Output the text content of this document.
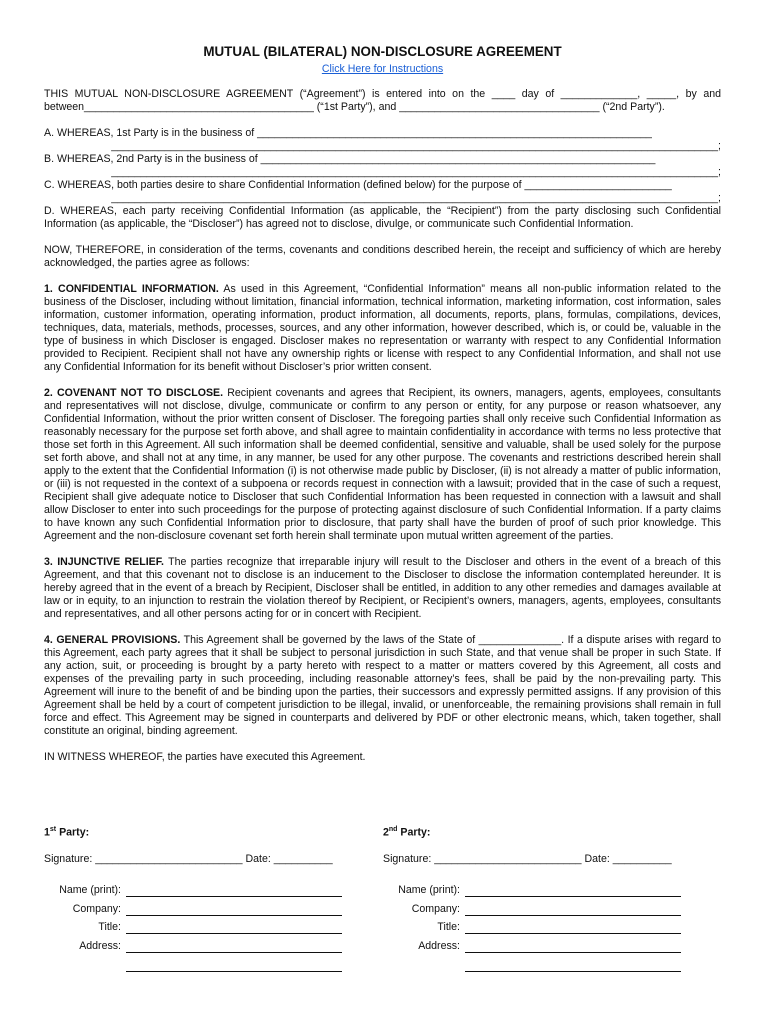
MUTUAL (BILATERAL) NON-DISCLOSURE AGREEMENT

Click Here for Instructions

THIS MUTUAL NON-DISCLOSURE AGREEMENT (“Agreement”) is entered into on the ____ day of _____________, _____, by and between_______________________________________ (“1st Party”), and __________________________________ (“2nd Party”).

A. WHEREAS, 1st Party is in the business of ___________________________________________________________________
_______________________________________________________________________________________________________;
B. WHEREAS, 2nd Party is in the business of ___________________________________________________________________
_______________________________________________________________________________________________________;
C. WHEREAS, both parties desire to share Confidential Information (defined below) for the purpose of _________________________
_______________________________________________________________________________________________________;

D. WHEREAS, each party receiving Confidential Information (as applicable, the “Recipient”) from the party disclosing such Confidential Information (as applicable, the “Discloser”) has agreed not to disclose, divulge, or communicate such Confidential Information.

NOW, THEREFORE, in consideration of the terms, covenants and conditions described herein, the receipt and sufficiency of which are hereby acknowledged, the parties agree as follows:

1. CONFIDENTIAL INFORMATION. As used in this Agreement, “Confidential Information” means all non-public information related to the business of the Discloser, including without limitation, financial information, technical information, marketing information, cost information, sales information, customer information, operating information, product information, all documents, reports, plans, formulas, compilations, devices, techniques, data, materials, methods, processes, sources, and any other information, however described, which is, or could be, valuable in the type of business in which Discloser is engaged. Discloser makes no representation or warranty with respect to any Confidential Information provided to Recipient. Recipient shall not have any ownership rights or license with respect to any Confidential Information, and shall not use any Confidential Information for its benefit without Discloser’s prior written consent.

2. COVENANT NOT TO DISCLOSE. Recipient covenants and agrees that Recipient, its owners, managers, agents, employees, consultants and representatives will not disclose, divulge, communicate or confirm to any person or entity, for any purpose or reason whatsoever, any Confidential Information, without the prior written consent of Discloser. The foregoing parties shall only receive such Confidential Information as reasonably necessary for the purpose set forth above, and shall agree to maintain confidentiality in accordance with terms no less protective that those set forth in this Agreement. All such information shall be deemed confidential, sensitive and valuable, shall be used solely for the purpose set forth above, and shall not at any time, in any manner, be used for any other purpose. The covenants and restrictions described herein shall apply to the extent that the Confidential Information (i) is not otherwise made public by Discloser, (ii) is not already a matter of public information, or (iii) is not requested in the context of a subpoena or records request in connection with a lawsuit; provided that in the case of such a request, Recipient shall give adequate notice to Discloser that such Confidential Information has been requested in connection with a lawsuit and shall allow Discloser to enter into such proceedings for the purpose of protecting against disclosure of such Confidential Information. If a party claims to have known any such Confidential Information prior to disclosure, that party shall have the burden of proof of such prior knowledge. This Agreement and the non-disclosure covenant set forth herein shall terminate upon mutual written agreement of the parties.

3. INJUNCTIVE RELIEF. The parties recognize that irreparable injury will result to the Discloser and others in the event of a breach of this Agreement, and that this covenant not to disclose is an inducement to the Discloser to disclose the information contemplated hereunder. It is hereby agreed that in the event of a breach by Recipient, Discloser shall be entitled, in addition to any other remedies and damages available at law or in equity, to an injunction to restrain the violation thereof by Recipient, or Recipient’s owners, managers, agents, employees, consultants and representatives, and all other persons acting for or in concert with Recipient.

4. GENERAL PROVISIONS. This Agreement shall be governed by the laws of the State of ______________. If a dispute arises with regard to this Agreement, each party agrees that it shall be subject to personal jurisdiction in such State, and that venue shall be proper in such State. If any action, suit, or proceeding is brought by a party hereto with respect to a matter or matters covered by this Agreement, all costs and expenses of the prevailing party in such proceeding, including reasonable attorney’s fees, shall be paid by the non-prevailing party. This Agreement will inure to the benefit of and be binding upon the parties, their successors and expressly permitted assigns. If any provision of this Agreement shall be held by a court of competent jurisdiction to be illegal, invalid, or unenforceable, the remaining provisions shall remain in full force and effect. This Agreement may be signed in counterparts and delivered by PDF or other electronic means, which, taken together, shall constitute an original, binding agreement.

IN WITNESS WHEREOF, the parties have executed this Agreement.

1st Party:
Signature: _________________________ Date: __________
Name (print):
Company:
Title:
Address:
2nd Party:
Signature: _________________________ Date: __________
Name (print):
Company:
Title:
Address:
